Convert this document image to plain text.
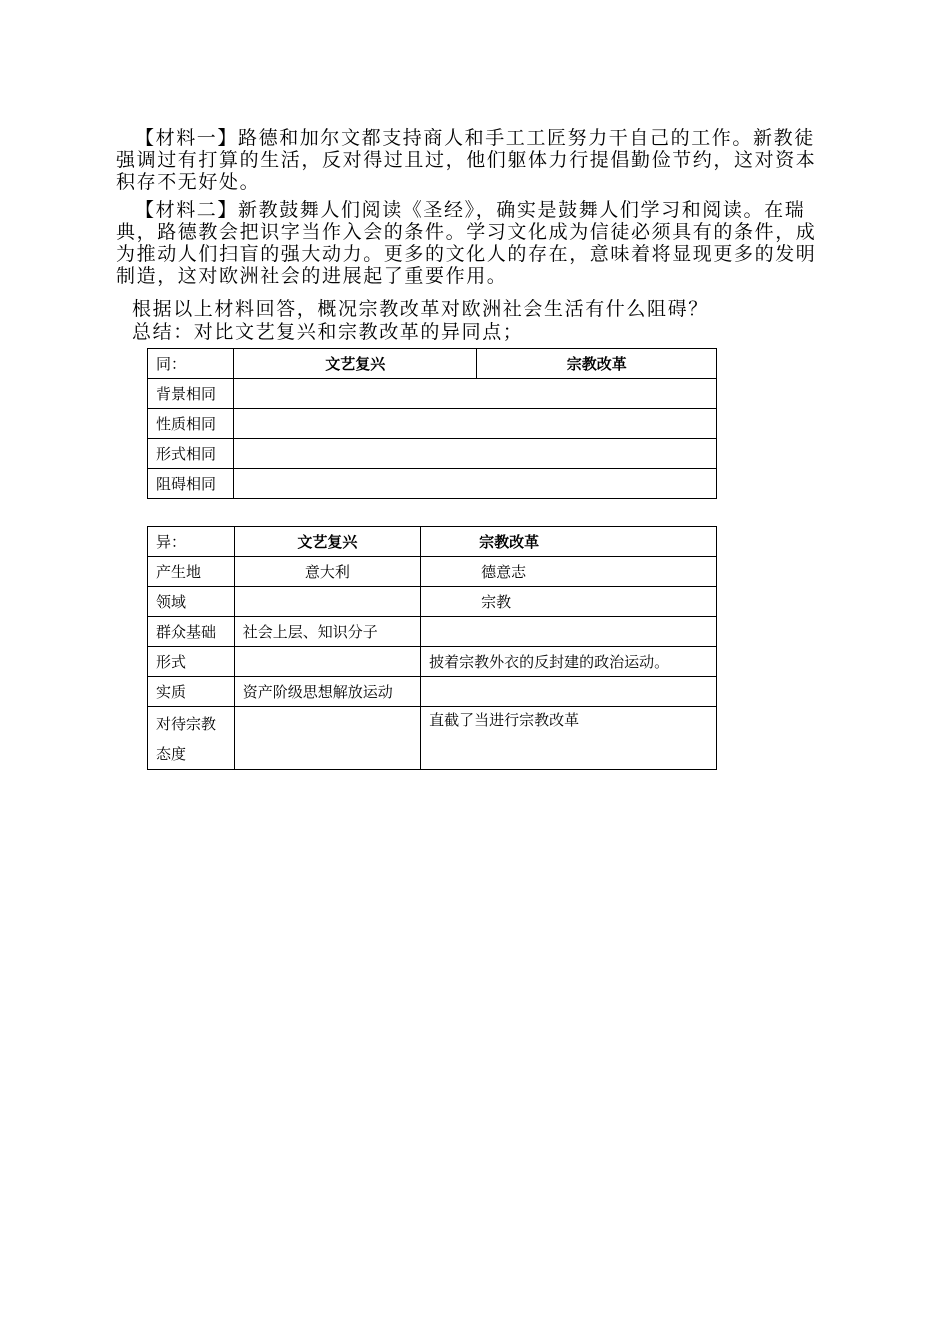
【材料一】路德和加尔文都支持商人和手工工匠努力干自己的工作。新教徒强调过有打算的生活，反对得过且过，他们躯体力行提倡勤俭节约，这对资本积存不无好处。

【材料二】新教鼓舞人们阅读《圣经》，确实是鼓舞人们学习和阅读。在瑞典，路德教会把识字当作入会的条件。学习文化成为信徒必须具有的条件，成为推动人们扫盲的强大动力。更多的文化人的存在，意味着将显现更多的发明制造，这对欧洲社会的进展起了重要作用。

根据以上材料回答，概况宗教改革对欧洲社会生活有什么阻碍？

总结：对比文艺复兴和宗教改革的异同点；

同：	文艺复兴	宗教改革
背景相同		
性质相同		
形式相同		
阻碍相同		
异：	文艺复兴	宗教改革
产生地	意大利	德意志
领域		宗教
群众基础	社会上层、知识分子	
形式		披着宗教外衣的反封建的政治运动。
实质	资产阶级思想解放运动	
对待宗教态度		直截了当进行宗教改革
